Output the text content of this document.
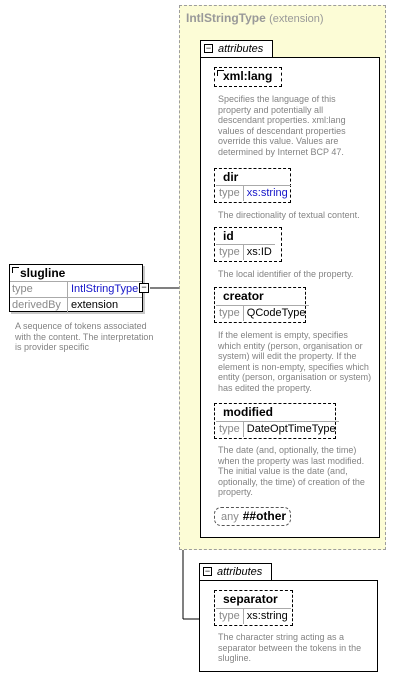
IntlStringType (extension)
− attributes
xml:lang
Specifies the language of this property and potentially all descendant properties. xml:lang values of descendant properties override this value. Values are determined by Internet BCP 47.
dir
type xs:string
The directionality of textual content.
id
type xs:ID
The local identifier of the property.
creator
type QCodeType
If the element is empty, specifies which entity (person, organisation or system) will edit the property. If the element is non-empty, specifies which entity (person, organisation or system) has edited the property.
modified
type DateOptTimeType
The date (and, optionally, the time) when the property was last modified. The initial value is the date (and, optionally, the time) of creation of the property.
any ##other
slugline
type	IntlStringType
derivedBy extension
−
A sequence of tokens associated with the content. The interpretation is provider specific
− attributes
separator
type xs:string
The character string acting as a separator between the tokens in the slugline.
